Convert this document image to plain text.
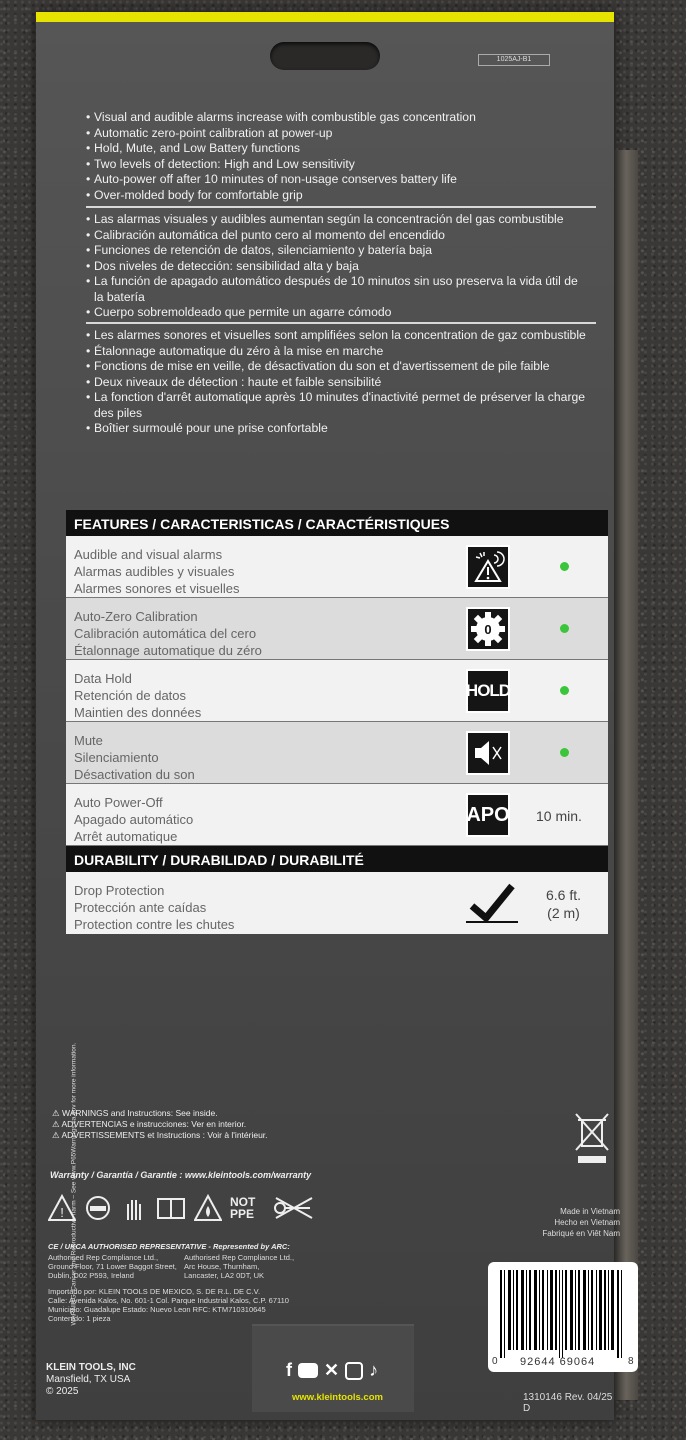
1025AJ-B1
• Visual and audible alarms increase with combustible gas concentration
• Automatic zero-point calibration at power-up
• Hold, Mute, and Low Battery functions
• Two levels of detection: High and Low sensitivity
• Auto-power off after 10 minutes of non-usage conserves battery life
• Over-molded body for comfortable grip
• Las alarmas visuales y audibles aumentan según la concentración del gas combustible
• Calibración automática del punto cero al momento del encendido
• Funciones de retención de datos, silenciamiento y batería baja
• Dos niveles de detección: sensibilidad alta y baja
• La función de apagado automático después de 10 minutos sin uso preserva la vida útil de
la batería
• Cuerpo sobremoldeado que permite un agarre cómodo
• Les alarmes sonores et visuelles sont amplifiées selon la concentration de gaz combustible
• Étalonnage automatique du zéro à la mise en marche
• Fonctions de mise en veille, de désactivation du son et d'avertissement de pile faible
• Deux niveaux de détection : haute et faible sensibilité
• La fonction d'arrêt automatique après 10 minutes d'inactivité permet de préserver la charge
des piles
• Boîtier surmoulé pour une prise confortable
FEATURES / CARACTERISTICAS / CARACTÉRISTIQUES
Audible and visual alarms
Alarmas audibles y visuales
Alarmes sonores et visuelles
Auto-Zero Calibration
Calibración automática del cero
Étalonnage automatique du zéro
0
Data Hold
Retención de datos
Maintien des données
HOLD
Mute
Silenciamiento
Désactivation du son
Auto Power-Off
Apagado automático
Arrêt automatique
APO 10 min.
DURABILITY / DURABILIDAD / DURABILITÉ
Drop Protection
Protección ante caídas
Protection contre les chutes
6.6 ft.
(2 m)
WARNING: Cancer and Reproductive harm – See www.P65Warnings.ca.gov for more information.
⚠ WARNINGS and Instructions: See inside.
⚠ ADVERTENCIAS e instrucciones: Ver en interior.
⚠ ADVERTISSEMENTS et Instructions : Voir à l'intérieur.
Warranty / Garantía / Garantie : www.kleintools.com/warranty
!	i
NOT PPE
CE / UKCA AUTHORISED REPRESENTATIVE - Represented by ARC:
Authorised Rep Compliance Ltd.,
Ground Floor, 71 Lower Baggot Street,
Dublin, D02 P593, Ireland
Authorised Rep Compliance Ltd.,
Arc House, Thurnham,
Lancaster, LA2 0DT, UK
Importado por: KLEIN TOOLS DE MEXICO, S. DE R.L. DE C.V.
Calle: Avenida Kalos, No. 601-1 Col. Parque Industrial Kalos, C.P. 67110
Municipio: Guadalupe Estado: Nuevo Leon RFC: KTM710310645
Contenido: 1 pieza
Made in Vietnam
Hecho en Vietnam
Fabriqué en Viêt Nam
0 92644 69064	8
1310146 Rev. 04/25 D
KLEIN TOOLS, INC
Mansfield, TX USA
© 2025
f ✕ ♪
www.kleintools.com
